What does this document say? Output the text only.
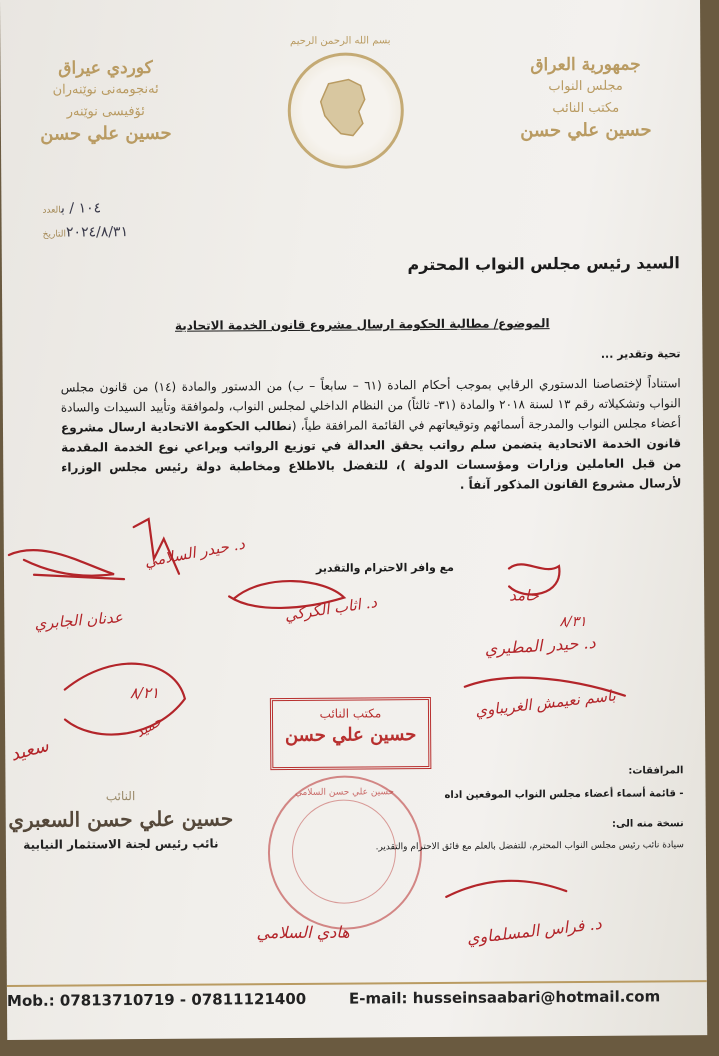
بسم الله الرحمن الرحيم
كوردي عيراق
ئەنجومەنی نوێنەران
ئۆفیسی نوێنەر
حسين علي حسن
جمهورية العراق
مجلس النواب
مكتب النائب
حسين علي حسن
١٠٤ / بالعدد
٢٠٢٤/٨/٣١التاريخ
السيد رئيس مجلس النواب المحترم
الموضوع/ مطالبة الحكومة ارسال مشروع قانون الخدمة الاتحادية
تحية وتقدير ...
استناداً لإختصاصنا الدستوري الرقابي بموجب أحكام المادة (٦١ – سابعاً – ب) من الدستور والمادة (١٤) من قانون مجلس النواب وتشكيلاته رقم ١٣ لسنة ٢٠١٨ والمادة (٣١- ثالثاً) من النظام الداخلي لمجلس النواب، ولموافقة وتأييد السيدات والسادة أعضاء مجلس النواب والمدرجة أسمائهم وتوقيعاتهم في القائمة المرافقة طياً، (نطالب الحكومة الاتحادية ارسال مشروع قانون الخدمة الاتحادية يتضمن سلم رواتب يحقق العدالة في توزيع الرواتب ويراعي نوع الخدمة المقدمة من قبل العاملين وزارات ومؤسسات الدولة )، للتفضل بالاطلاع ومخاطبة دولة رئيس مجلس الوزراء لأرسال مشروع القانون المذكور آنفاً .
مع وافر الاحترام والتقدير
مكتب النائب
حسين علي حسن
حسين علي حسن السلامي
المرافقات:
- قائمة أسماء أعضاء مجلس النواب الموقعين اداه
نسخة منه الى:
سيادة نائب رئيس مجلس النواب المحترم، للتفضل بالعلم مع فائق الاحترام والتقدير.
النائب
حسين علي حسن السعبري
نائب رئيس لجنة الاستثمار النيابية
عدنان الجابري
د. حيدر السلامي
د. اثاب الكركي	حامد
٨/٣١
د. حيدر المطيري
باسم نعيمش الغريباوي
٨/٢١
حميد
سعيد
هادي السلامي	د. فراس المسلماوي
Mob.: 07813710719 - 07811121400	E-mail: husseinsaabari@hotmail.com
